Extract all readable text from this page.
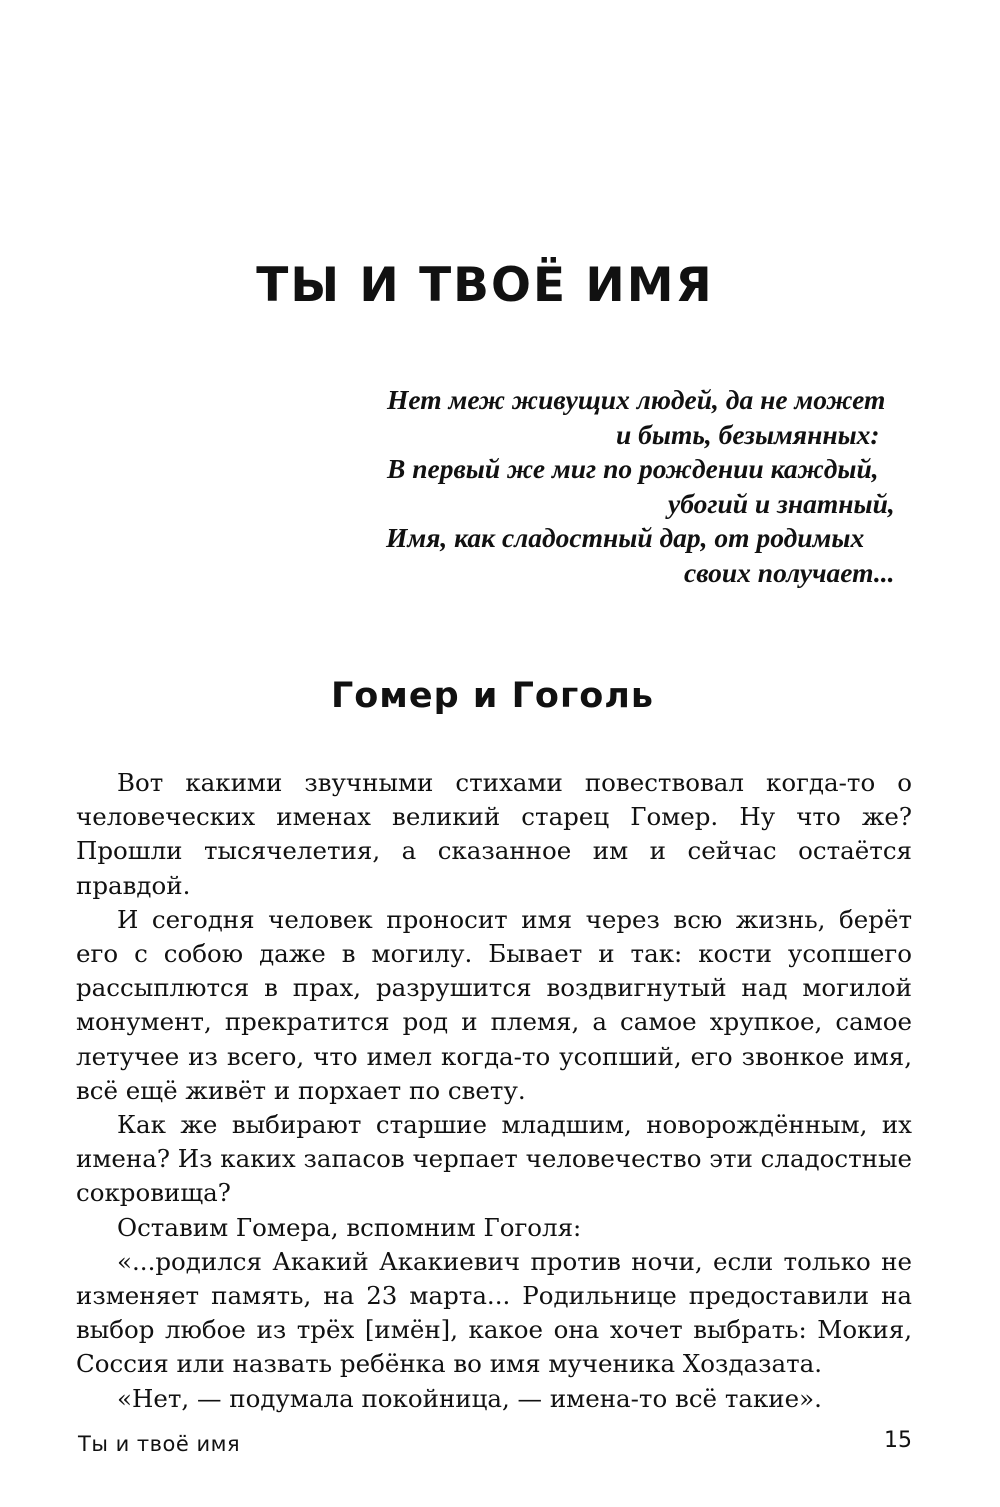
ТЫ И ТВОЁ ИМЯ
Нет меж живущих людей, да не может
и быть, безымянных:
В первый же миг по рождении каждый,
убогий и знатный,
Имя, как сладостный дар, от родимых
своих получает...
Гомер и Гоголь

Вот какими звучными стихами повествовал когда-то о человеческих именах великий старец Гомер. Ну что же? Прошли тысячелетия, а сказанное им и сейчас остаётся правдой.

И сегодня человек проносит имя через всю жизнь, берёт его с собою даже в могилу. Бывает и так: кости усопшего рассыплются в прах, разрушится воздвигнутый над могилой монумент, прекратится род и племя, а самое хрупкое, самое летучее из всего, что имел когда-то усопший, его звонкое имя, всё ещё живёт и порхает по свету.

Как же выбирают старшие младшим, новорождённым, их имена? Из каких запасов черпает человечество эти сладостные сокровища?

Оставим Гомера, вспомним Гоголя:

«...родился Акакий Акакиевич против ночи, если только не изменяет память, на 23 марта... Родильнице предоставили на выбор любое из трёх [имён], какое она хочет выбрать: Мокия, Соссия или назвать ребёнка во имя мученика Хоздазата.

«Нет, — подумала покойница, — имена-то всё такие».

Ты и твоё имя	15
